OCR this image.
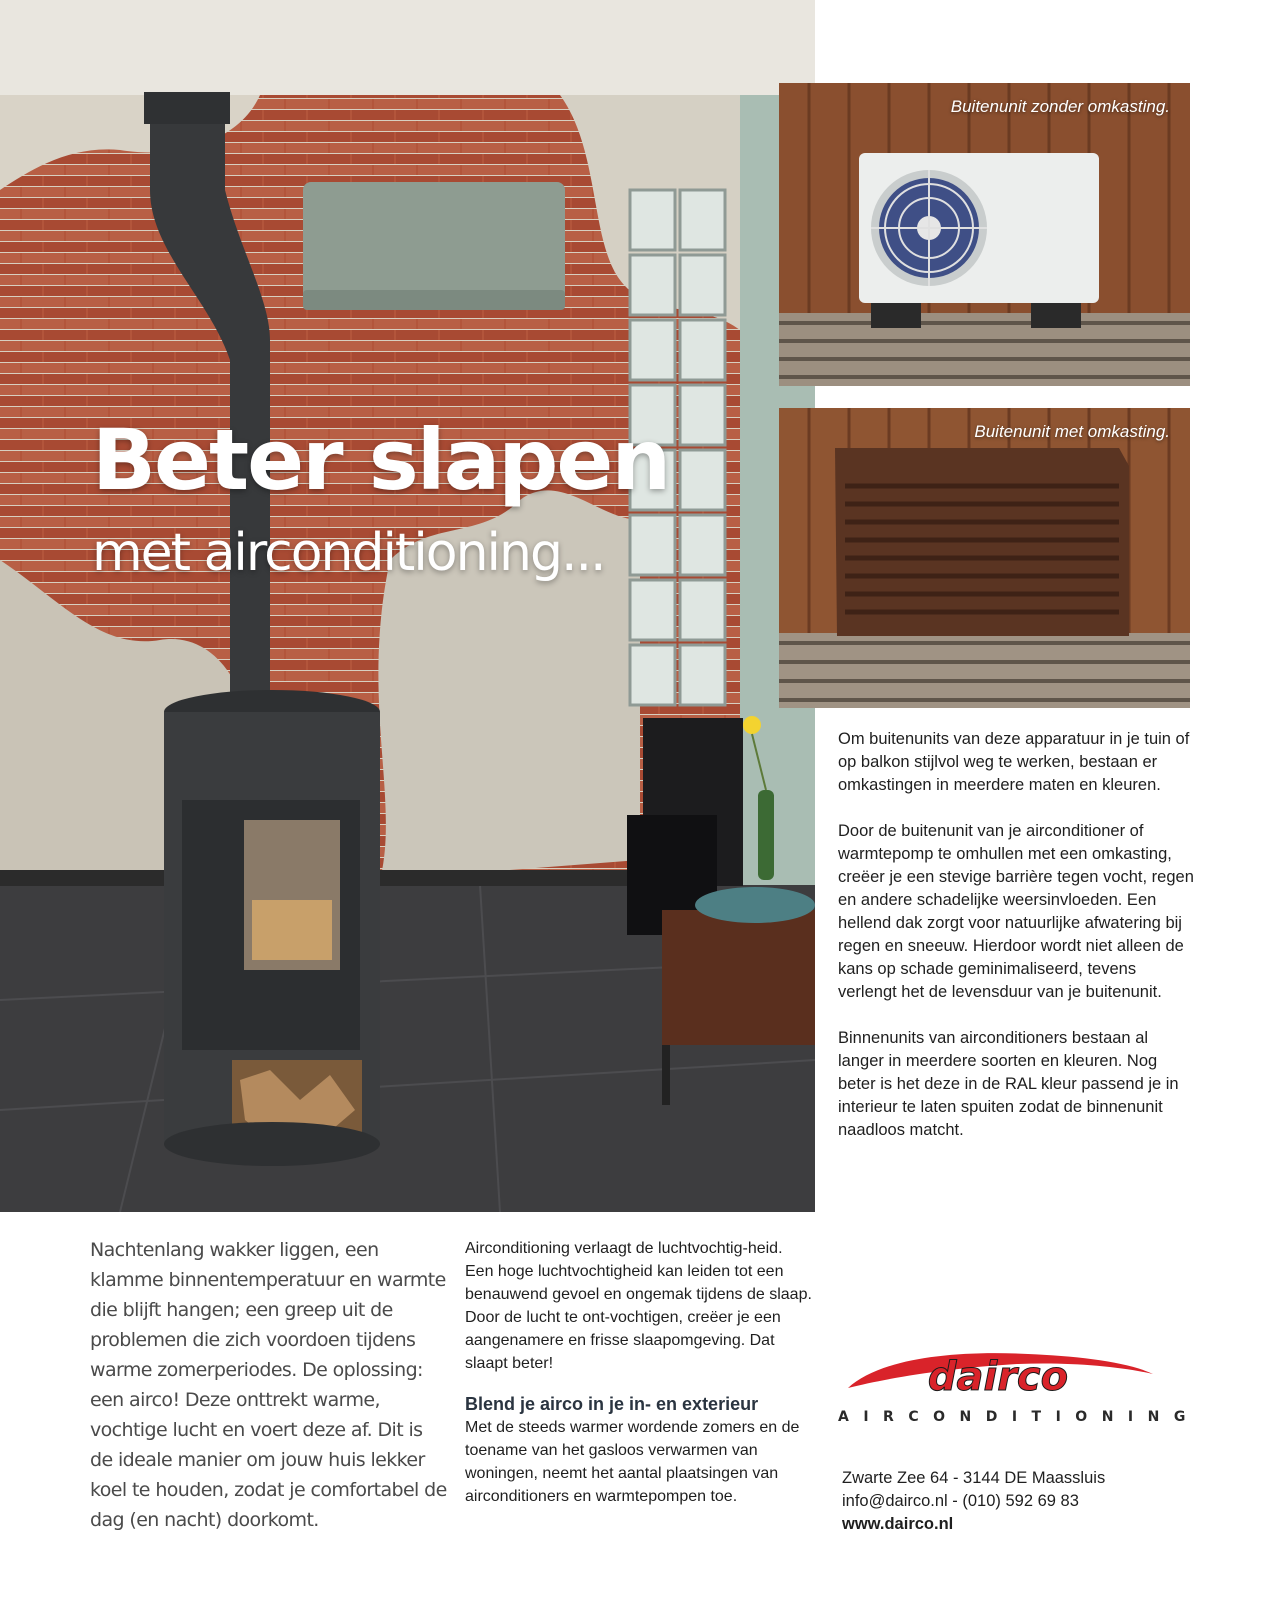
Beter slapen
met airconditioning...
Buitenunit zonder omkasting.
Buitenunit met omkasting.

Om buitenunits van deze apparatuur in je tuin of op balkon stijlvol weg te werken, bestaan er omkastingen in meerdere maten en kleuren.

Door de buitenunit van je airconditioner of warmtepomp te omhullen met een omkasting, creëer je een stevige barrière tegen vocht, regen en andere schadelijke weersinvloeden. Een hellend dak zorgt voor natuurlijke afwatering bij regen en sneeuw. Hierdoor wordt niet alleen de kans op schade geminimaliseerd, tevens verlengt het de levensduur van je buitenunit.

Binnenunits van airconditioners bestaan al langer in meerdere soorten en kleuren. Nog beter is het deze in de RAL kleur passend je in interieur te laten spuiten zodat de binnenunit naadloos matcht.

Nachtenlang wakker liggen, een klamme binnentemperatuur en warmte die blijft hangen; een greep uit de problemen die zich voordoen tijdens warme zomerperiodes. De oplossing: een airco! Deze onttrekt warme, vochtige lucht en voert deze af. Dit is de ideale manier om jouw huis lekker koel te houden, zodat je comfortabel de dag (en nacht) doorkomt.

Airconditioning verlaagt de luchtvochtig-heid. Een hoge luchtvochtigheid kan leiden tot een benauwend gevoel en ongemak tijdens de slaap. Door de lucht te ont-vochtigen, creëer je een aangenamere en frisse slaapomgeving. Dat slaapt beter!

Blend je airco in je in- en exterieur

Met de steeds warmer wordende zomers en de toename van het gasloos verwarmen van woningen, neemt het aantal plaatsingen van airconditioners en warmtepompen toe.

dairco
AIRCONDITIONING
Zwarte Zee 64 - 3144 DE Maassluis
info@dairco.nl - (010) 592 69 83
www.dairco.nl
